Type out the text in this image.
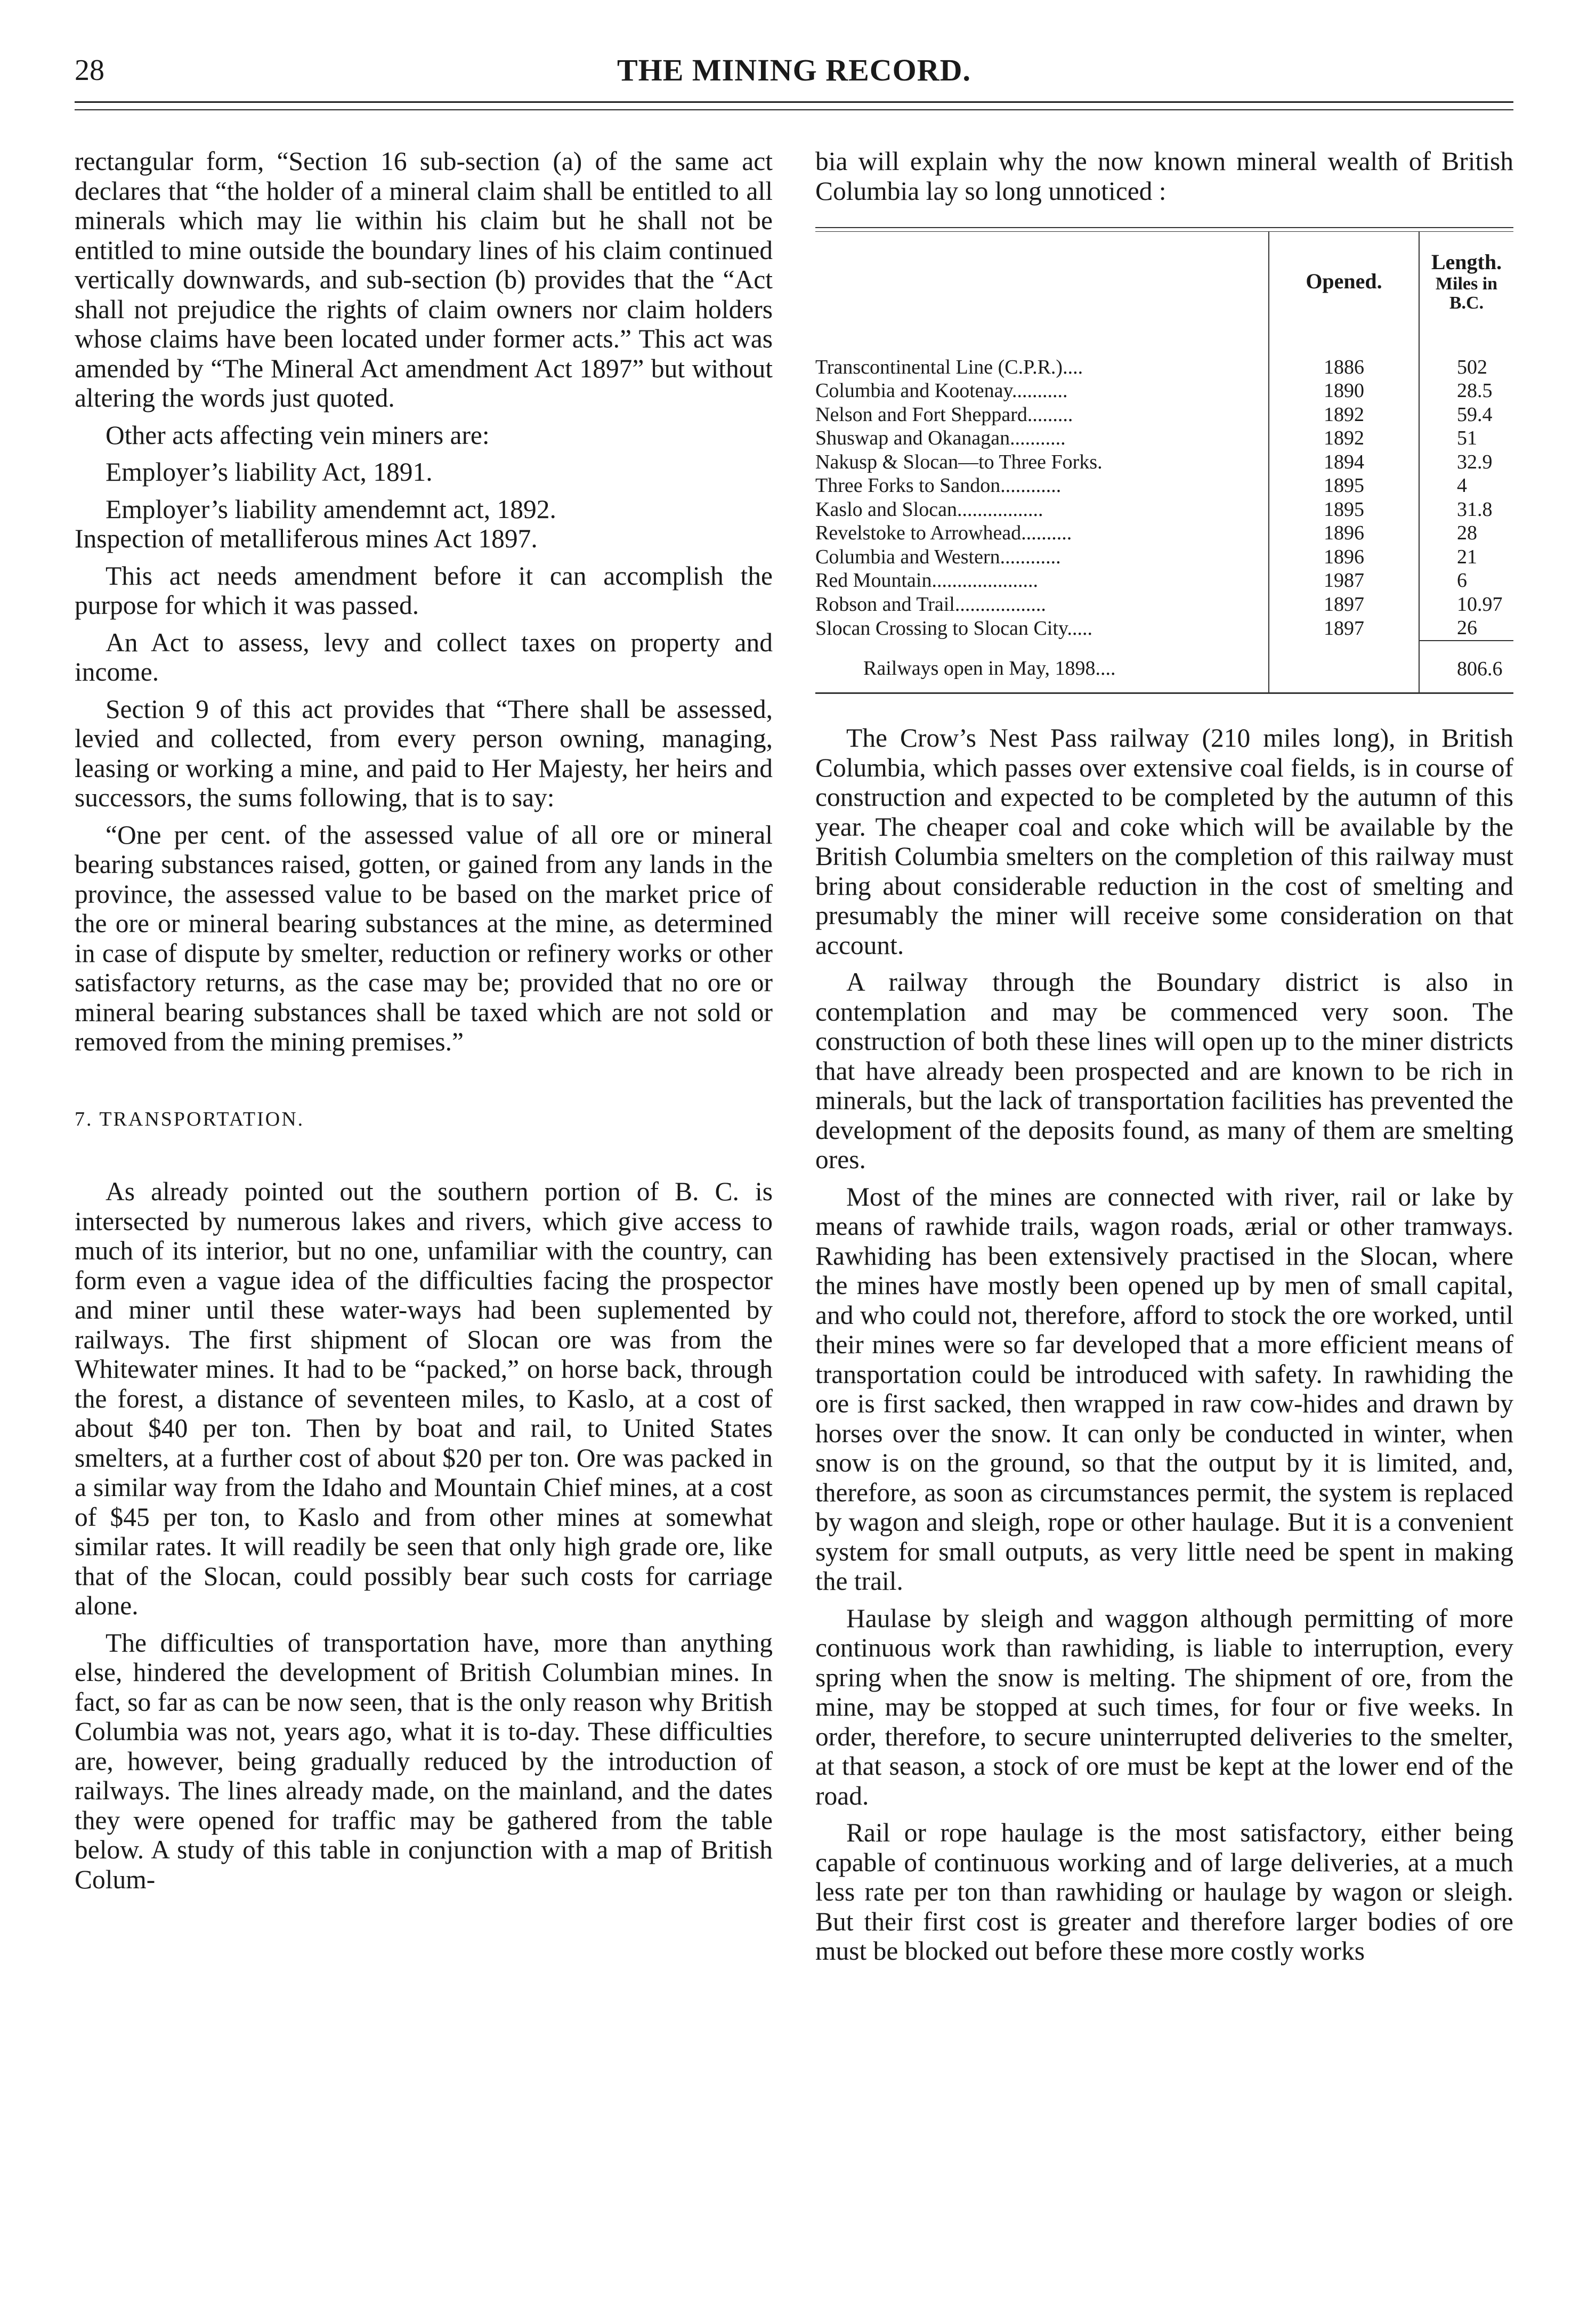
28	THE MINING RECORD.

rectangular form, “Section 16 sub-section (a) of the same act declares that “the holder of a mineral claim shall be entitled to all minerals which may lie within his claim but he shall not be entitled to mine outside the boundary lines of his claim continued vertically downwards, and sub-section (b) provides that the “Act shall not prejudice the rights of claim owners nor claim holders whose claims have been located under former acts.” This act was amended by “The Mineral Act amendment Act 1897” but without altering the words just quoted.

Other acts affecting vein miners are:

Employer’s liability Act, 1891.

Employer’s liability amendemnt act, 1892.

Inspection of metalliferous mines Act 1897.

This act needs amendment before it can accomplish the purpose for which it was passed.

An Act to assess, levy and collect taxes on property and income.

Section 9 of this act provides that “There shall be assessed, levied and collected, from every person owning, managing, leasing or working a mine, and paid to Her Majesty, her heirs and successors, the sums following, that is to say:

“One per cent. of the assessed value of all ore or mineral bearing substances raised, gotten, or gained from any lands in the province, the assessed value to be based on the market price of the ore or mineral bearing substances at the mine, as determined in case of dispute by smelter, reduction or refinery works or other satisfactory returns, as the case may be; provided that no ore or mineral bearing substances shall be taxed which are not sold or removed from the mining premises.”

7. TRANSPORTATION.

As already pointed out the southern portion of B. C. is intersected by numerous lakes and rivers, which give access to much of its interior, but no one, unfamiliar with the country, can form even a vague idea of the difficulties facing the prospector and miner until these water-ways had been suplemented by railways. The first shipment of Slocan ore was from the Whitewater mines. It had to be “packed,” on horse back, through the forest, a distance of seventeen miles, to Kaslo, at a cost of about $40 per ton. Then by boat and rail, to United States smelters, at a further cost of about $20 per ton. Ore was packed in a similar way from the Idaho and Mountain Chief mines, at a cost of $45 per ton, to Kaslo and from other mines at somewhat similar rates. It will readily be seen that only high grade ore, like that of the Slocan, could possibly bear such costs for carriage alone.

The difficulties of transportation have, more than anything else, hindered the development of British Columbian mines. In fact, so far as can be now seen, that is the only reason why British Columbia was not, years ago, what it is to-day. These difficulties are, however, being gradually reduced by the introduction of railways. The lines already made, on the mainland, and the dates they were opened for traffic may be gathered from the table below. A study of this table in conjunction with a map of British Colum-

bia will explain why the now known mineral wealth of British Columbia lay so long unnoticed :

	Opened.	Length.
Miles in B.C.

Transcontinental Line (C.P.R.)....	1886	502
Columbia and Kootenay...........	1890	28.5
Nelson and Fort Sheppard.........	1892	59.4
Shuswap and Okanagan...........	1892	51
Nakusp & Slocan—to Three Forks.	1894	32.9
Three Forks to Sandon............	1895	4
Kaslo and Slocan.................	1895	31.8
Revelstoke to Arrowhead..........	1896	28
Columbia and Western............	1896	21
Red Mountain.....................	1987	6
Robson and Trail..................	1897	10.97
Slocan Crossing to Slocan City.....	1897	26
Railways open in May, 1898....		806.6

The Crow’s Nest Pass railway (210 miles long), in British Columbia, which passes over extensive coal fields, is in course of construction and expected to be completed by the autumn of this year. The cheaper coal and coke which will be available by the British Columbia smelters on the completion of this railway must bring about considerable reduction in the cost of smelting and presumably the miner will receive some consideration on that account.

A railway through the Boundary district is also in contemplation and may be commenced very soon. The construction of both these lines will open up to the miner districts that have already been prospected and are known to be rich in minerals, but the lack of transportation facilities has prevented the development of the deposits found, as many of them are smelting ores.

Most of the mines are connected with river, rail or lake by means of rawhide trails, wagon roads, ærial or other tramways. Rawhiding has been extensively practised in the Slocan, where the mines have mostly been opened up by men of small capital, and who could not, therefore, afford to stock the ore worked, until their mines were so far developed that a more efficient means of transportation could be introduced with safety. In rawhiding the ore is first sacked, then wrapped in raw cow-hides and drawn by horses over the snow. It can only be conducted in winter, when snow is on the ground, so that the output by it is limited, and, therefore, as soon as circumstances permit, the system is replaced by wagon and sleigh, rope or other haulage. But it is a convenient system for small outputs, as very little need be spent in making the trail.

Haulase by sleigh and waggon although permitting of more continuous work than rawhiding, is liable to interruption, every spring when the snow is melting. The shipment of ore, from the mine, may be stopped at such times, for four or five weeks. In order, therefore, to secure uninterrupted deliveries to the smelter, at that season, a stock of ore must be kept at the lower end of the road.

Rail or rope haulage is the most satisfactory, either being capable of continuous working and of large deliveries, at a much less rate per ton than rawhiding or haulage by wagon or sleigh. But their first cost is greater and therefore larger bodies of ore must be blocked out before these more costly works
